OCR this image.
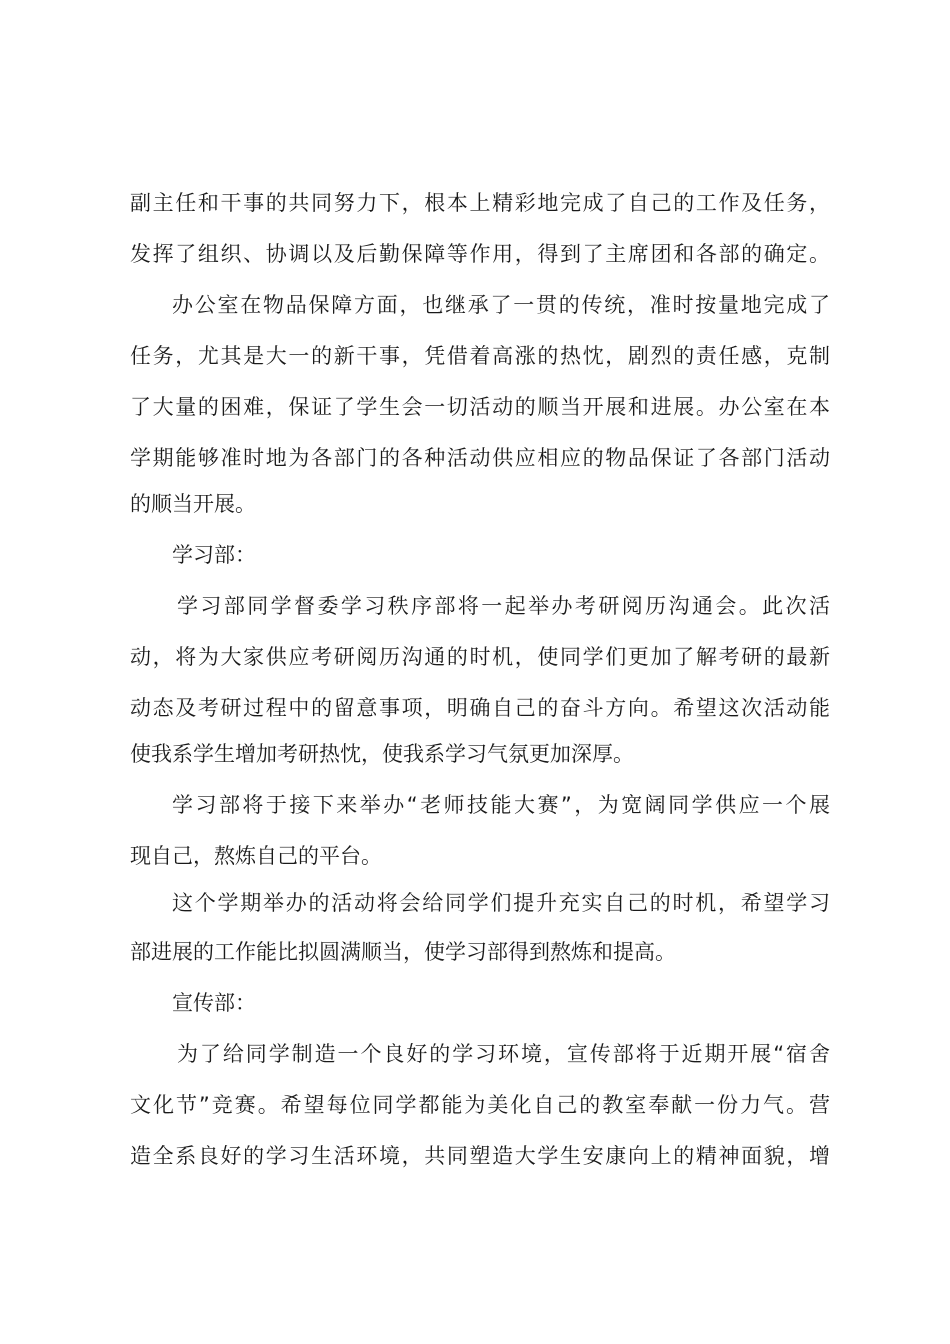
副主任和干事的共同努力下，根本上精彩地完成了自己的工作及任务，
发挥了组织、协调以及后勤保障等作用，得到了主席团和各部的确定。
办公室在物品保障方面，也继承了一贯的传统，准时按量地完成了
任务，尤其是大一的新干事，凭借着高涨的热忱，剧烈的责任感，克制
了大量的困难，保证了学生会一切活动的顺当开展和进展。办公室在本
学期能够准时地为各部门的各种活动供应相应的物品保证了各部门活动
的顺当开展。
学习部：
学习部同学督委学习秩序部将一起举办考研阅历沟通会。此次活
动，将为大家供应考研阅历沟通的时机，使同学们更加了解考研的最新
动态及考研过程中的留意事项，明确自己的奋斗方向。希望这次活动能
使我系学生增加考研热忱，使我系学习气氛更加深厚。
学习部将于接下来举办“老师技能大赛”，为宽阔同学供应一个展
现自己，熬炼自己的平台。
这个学期举办的活动将会给同学们提升充实自己的时机，希望学习
部进展的工作能比拟圆满顺当，使学习部得到熬炼和提高。
宣传部：
为了给同学制造一个良好的学习环境，宣传部将于近期开展“宿舍
文化节”竞赛。希望每位同学都能为美化自己的教室奉献一份力气。营
造全系良好的学习生活环境，共同塑造大学生安康向上的精神面貌，增
